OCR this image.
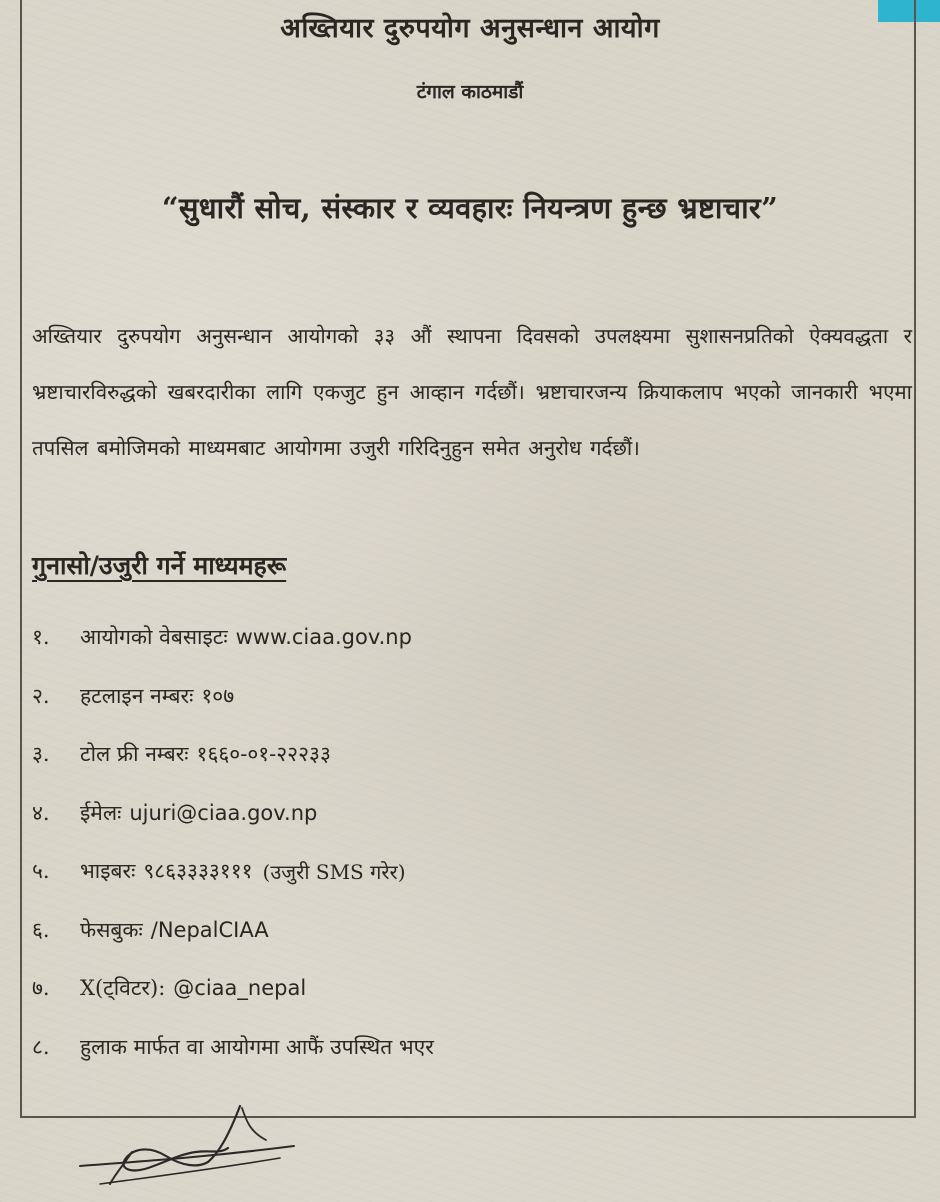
अख्तियार दुरुपयोग अनुसन्धान आयोग
टंगाल काठमाडौं
“सुधारौं सोच, संस्कार र व्यवहारः नियन्त्रण हुन्छ भ्रष्टाचार”
अख्तियार दुरुपयोग अनुसन्धान आयोगको ३३ औं स्थापना दिवसको उपलक्ष्यमा सुशासनप्रतिको ऐक्यवद्धता र भ्रष्टाचारविरुद्धको खबरदारीका लागि एकजुट हुन आव्हान गर्दछौं। भ्रष्टाचारजन्य क्रियाकलाप भएको जानकारी भएमा तपसिल बमोजिमको माध्यमबाट आयोगमा उजुरी गरिदिनुहुन समेत अनुरोध गर्दछौं।
गुनासो/उजुरी गर्ने माध्यमहरू
१.	आयोगको वेबसाइटः www.ciaa.gov.np
२.	हटलाइन नम्बरः १०७
३.	टोल फ्री नम्बरः १६६०-०१-२२२३३
४.	ईमेलः ujuri@ciaa.gov.np
५.	भाइबरः ९८६३३३३१११ (उजुरी SMS गरेर)
६.	फेसबुकः /NepalCIAA
७.	X(ट्विटर): @ciaa_nepal
८.	हुलाक मार्फत वा आयोगमा आफैं उपस्थित भएर
